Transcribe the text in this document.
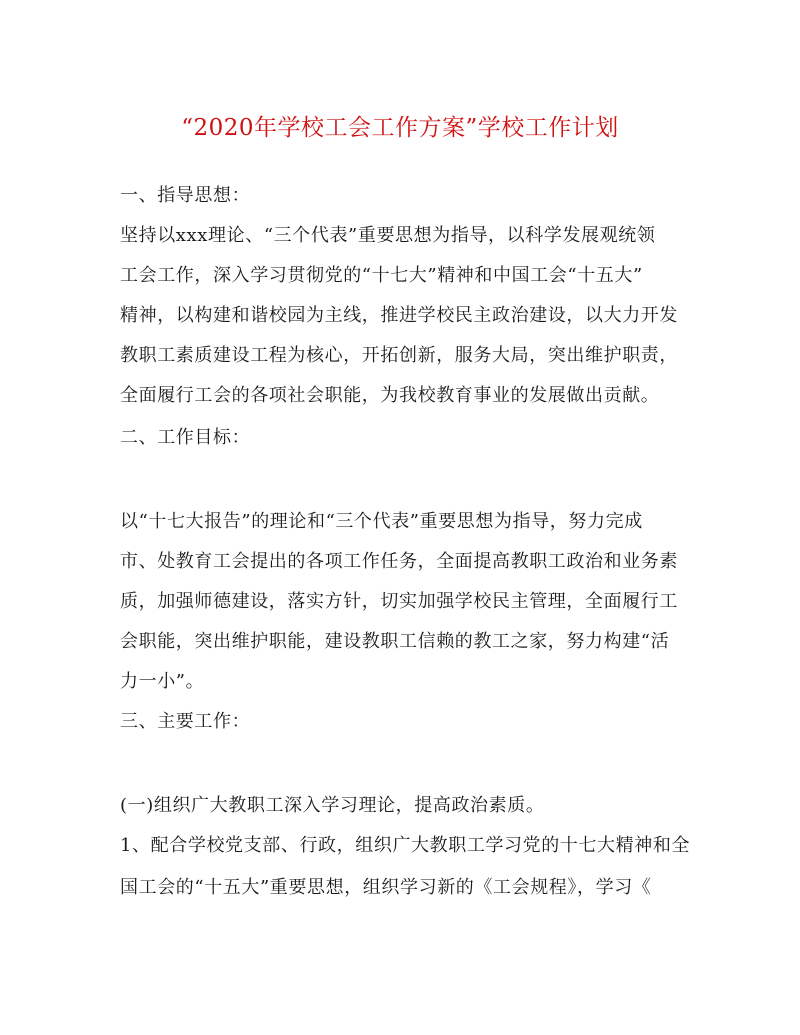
“2020年学校工会工作方案”学校工作计划
一、指导思想：
坚持以xxx理论、“三个代表”重要思想为指导，以科学发展观统领
工会工作，深入学习贯彻党的“十七大”精神和中国工会“十五大”
精神，以构建和谐校园为主线，推进学校民主政治建设，以大力开发
教职工素质建设工程为核心，开拓创新，服务大局，突出维护职责，
全面履行工会的各项社会职能，为我校教育事业的发展做出贡献。
二、工作目标：
以“十七大报告”的理论和“三个代表”重要思想为指导，努力完成
市、处教育工会提出的各项工作任务，全面提高教职工政治和业务素
质，加强师德建设，落实方针，切实加强学校民主管理，全面履行工
会职能，突出维护职能，建设教职工信赖的教工之家，努力构建“活
力一小”。
三、主要工作：
(一)组织广大教职工深入学习理论，提高政治素质。
1、配合学校党支部、行政，组织广大教职工学习党的十七大精神和全
国工会的“十五大”重要思想，组织学习新的《工会规程》，学习《
